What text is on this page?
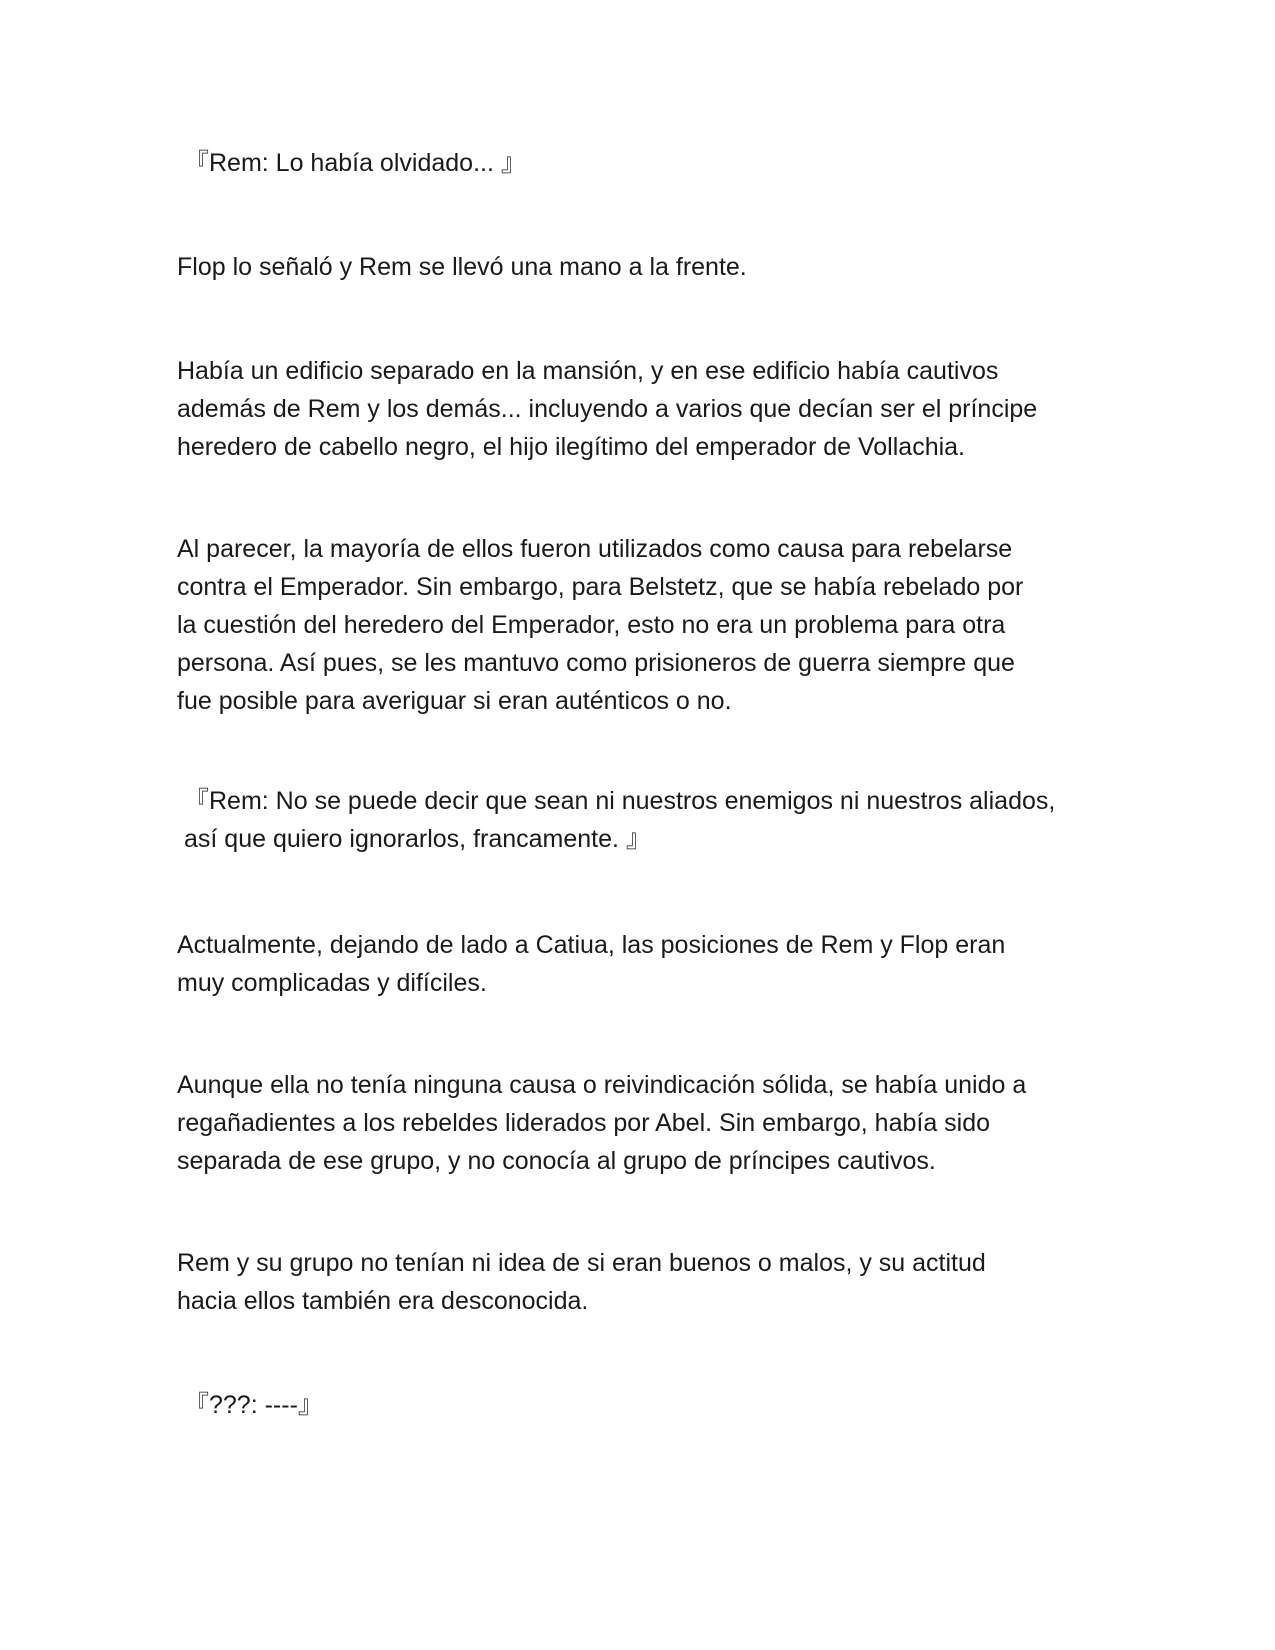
『Rem: Lo había olvidado... 』

Flop lo señaló y Rem se llevó una mano a la frente.

Había un edificio separado en la mansión, y en ese edificio había cautivos
además de Rem y los demás... incluyendo a varios que decían ser el príncipe
heredero de cabello negro, el hijo ilegítimo del emperador de Vollachia.

Al parecer, la mayoría de ellos fueron utilizados como causa para rebelarse
contra el Emperador. Sin embargo, para Belstetz, que se había rebelado por
la cuestión del heredero del Emperador, esto no era un problema para otra
persona. Así pues, se les mantuvo como prisioneros de guerra siempre que
fue posible para averiguar si eran auténticos o no.

『Rem: No se puede decir que sean ni nuestros enemigos ni nuestros aliados,
así que quiero ignorarlos, francamente. 』

Actualmente, dejando de lado a Catiua, las posiciones de Rem y Flop eran
muy complicadas y difíciles.

Aunque ella no tenía ninguna causa o reivindicación sólida, se había unido a
regañadientes a los rebeldes liderados por Abel. Sin embargo, había sido
separada de ese grupo, y no conocía al grupo de príncipes cautivos.

Rem y su grupo no tenían ni idea de si eran buenos o malos, y su actitud
hacia ellos también era desconocida.

『???: ----』
